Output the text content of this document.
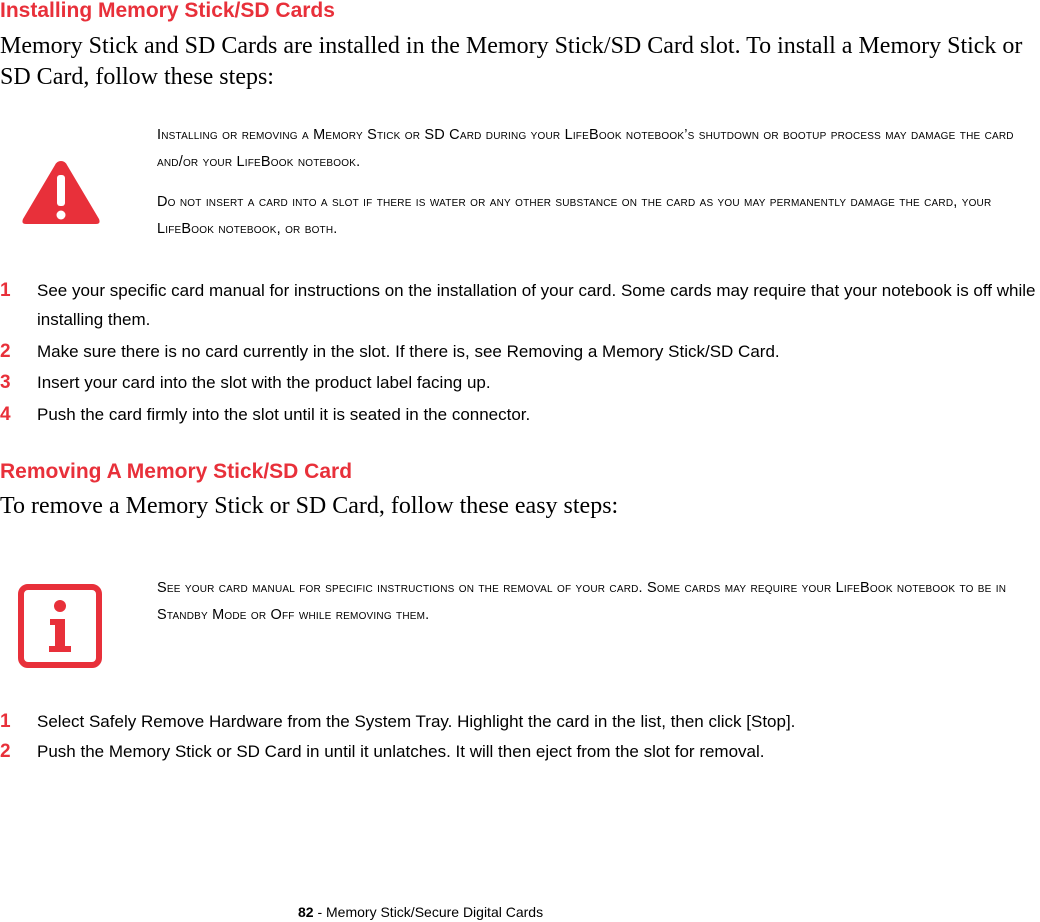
Installing Memory Stick/SD Cards
Memory Stick and SD Cards are installed in the Memory Stick/SD Card slot. To install a Memory Stick or SD Card, follow these steps:
Installing or removing a Memory Stick or SD Card during your LifeBook notebook’s shutdown or bootup process may damage the card and/or your LifeBook notebook.
Do not insert a card into a slot if there is water or any other substance on the card as you may permanently damage the card, your LifeBook notebook, or both.
1	See your specific card manual for instructions on the installation of your card. Some cards may require that your notebook is off while installing them.
2	Make sure there is no card currently in the slot. If there is, see Removing a Memory Stick/SD Card.
3	Insert your card into the slot with the product label facing up.
4	Push the card firmly into the slot until it is seated in the connector.
Removing A Memory Stick/SD Card
To remove a Memory Stick or SD Card, follow these easy steps:
See your card manual for specific instructions on the removal of your card. Some cards may require your LifeBook notebook to be in Standby Mode or Off while removing them.
1	Select Safely Remove Hardware from the System Tray. Highlight the card in the list, then click [Stop].
2	Push the Memory Stick or SD Card in until it unlatches. It will then eject from the slot for removal.
82 - Memory Stick/Secure Digital Cards
